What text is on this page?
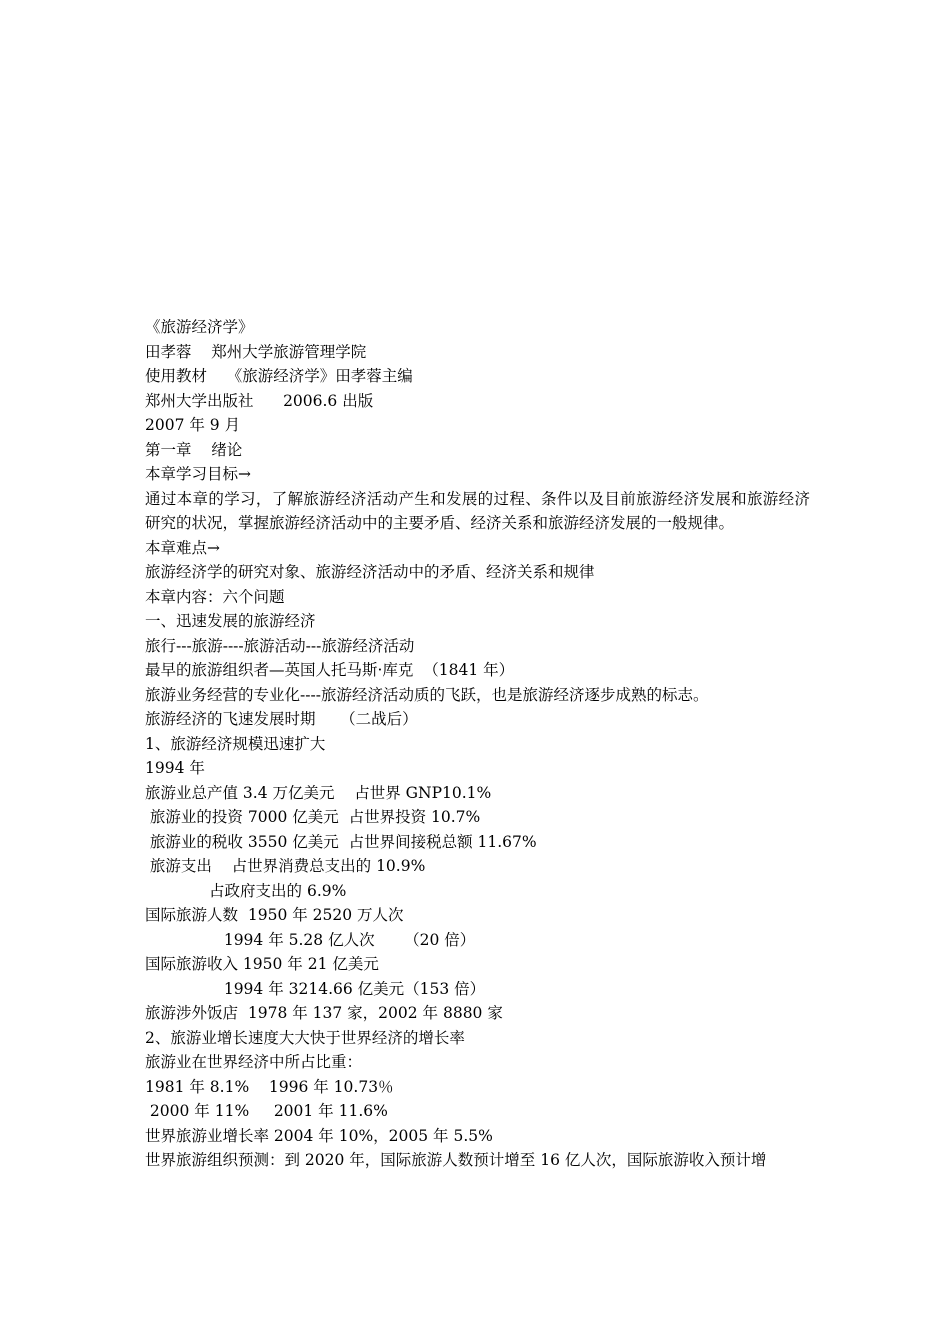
《旅游经济学》
田孝蓉    郑州大学旅游管理学院
使用教材    《旅游经济学》田孝蓉主编
郑州大学出版社      2006.6 出版
2007 年 9 月
第一章    绪论
本章学习目标→
通过本章的学习，了解旅游经济活动产生和发展的过程、条件以及目前旅游经济发展和旅游经济研究的状况，掌握旅游经济活动中的主要矛盾、经济关系和旅游经济发展的一般规律。
本章难点→
旅游经济学的研究对象、旅游经济活动中的矛盾、经济关系和规律
本章内容：六个问题
一、迅速发展的旅游经济
旅行---旅游----旅游活动---旅游经济活动
最早的旅游组织者—英国人托马斯·库克  （1841 年）
旅游业务经营的专业化----旅游经济活动质的飞跃，也是旅游经济逐步成熟的标志。
旅游经济的飞速发展时期     （二战后）
1、旅游经济规模迅速扩大
1994 年
旅游业总产值 3.4 万亿美元    占世界 GNP10.1%
旅游业的投资 7000 亿美元  占世界投资 10.7%
旅游业的税收 3550 亿美元  占世界间接税总额 11.67%
旅游支出    占世界消费总支出的 10.9%
占政府支出的 6.9%
国际旅游人数  1950 年 2520 万人次
1994 年 5.28 亿人次      （20 倍）
国际旅游收入 1950 年 21 亿美元
1994 年 3214.66 亿美元（153 倍）
旅游涉外饭店  1978 年 137 家，2002 年 8880 家
2、旅游业增长速度大大快于世界经济的增长率
旅游业在世界经济中所占比重：
1981 年 8.1%    1996 年 10.73％
2000 年 11%     2001 年 11.6%
世界旅游业增长率 2004 年 10%，2005 年 5.5%
世界旅游组织预测：到 2020 年，国际旅游人数预计增至 16 亿人次，国际旅游收入预计增
